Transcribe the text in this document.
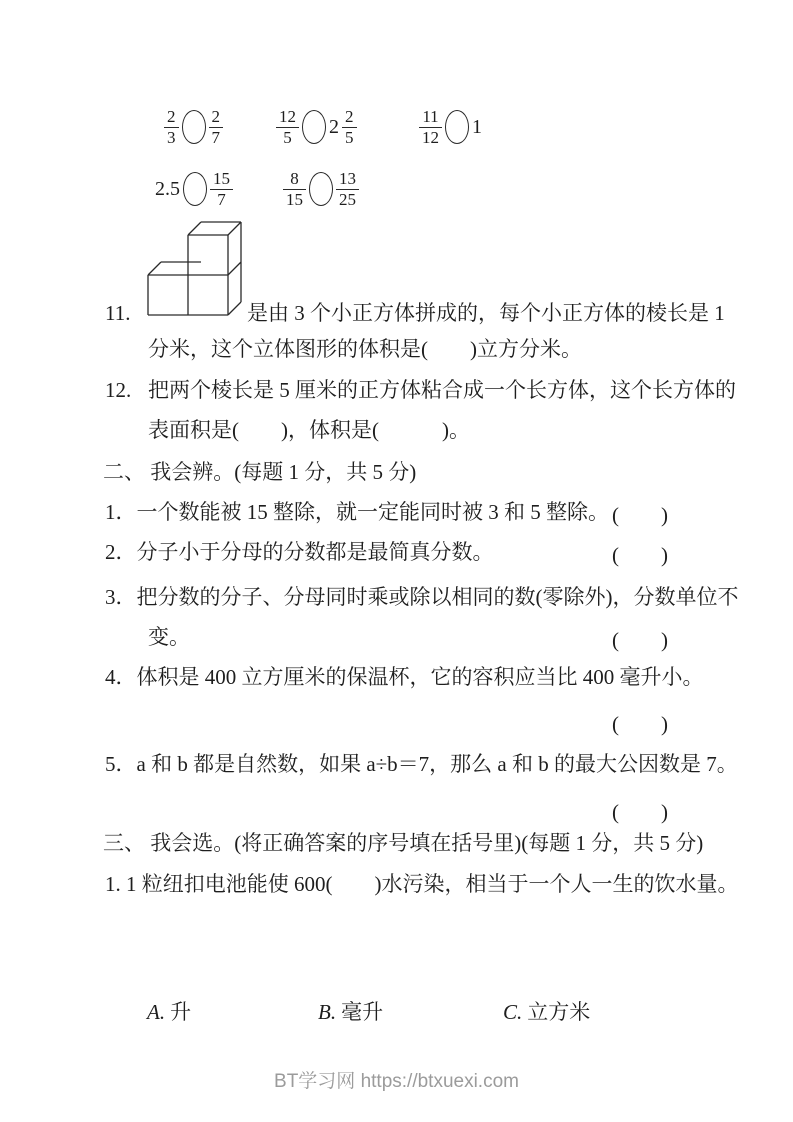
$\frac{2}{3} \frac{2}{7}$	$\frac{12}{5} 2 \frac{2}{5}$	$\frac{11}{12} 1$
$2.5 \frac{15}{7}$	$\frac{8}{15} \frac{13}{25}$
11.	是由 3 个小正方体拼成的，每个小正方体的棱长是 1
分米，这个立体图形的体积是(　　)立方分米。
12. 把两个棱长是 5 厘米的正方体粘合成一个长方体，这个长方体的
表面积是(　　)，体积是(　　　)。
二、 我会辨。(每题 1 分，共 5 分)
1．一个数能被 15 整除，就一定能同时被 3 和 5 整除。 (　　)
2．分子小于分母的分数都是最简真分数。	(　　)
3．把分数的分子、分母同时乘或除以相同的数(零除外)，分数单位不
变。	(　　)
4．体积是 400 立方厘米的保温杯，它的容积应当比 400 毫升小。
(　　)
5．a 和 b 都是自然数，如果 a÷b＝7，那么 a 和 b 的最大公因数是 7。
(　　)
三、 我会选。(将正确答案的序号填在括号里)(每题 1 分，共 5 分)
1. 1 粒纽扣电池能使 600(　　)水污染，相当于一个人一生的饮水量。
A. 升	B. 毫升	C. 立方米
BT学习网 https://btxuexi.com
